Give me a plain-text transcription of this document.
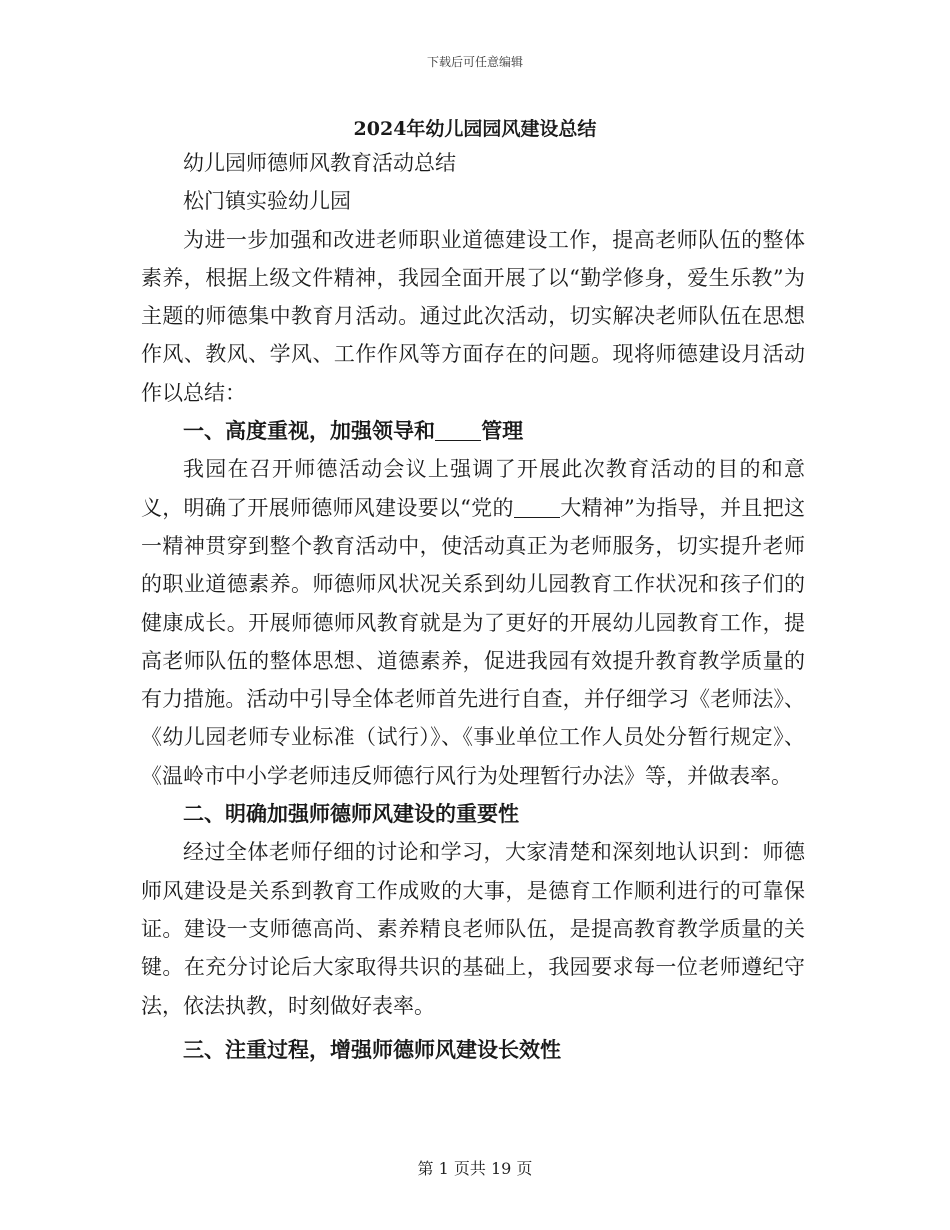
下载后可任意编辑
2024年幼儿园园风建设总结

幼儿园师德师风教育活动总结

松门镇实验幼儿园

为进一步加强和改进老师职业道德建设工作，提高老师队伍的整体素养，根据上级文件精神，我园全面开展了以“勤学修身，爱生乐教”为主题的师德集中教育月活动。通过此次活动，切实解决老师队伍在思想作风、教风、学风、工作作风等方面存在的问题。现将师德建设月活动作以总结：

一、高度重视，加强领导和 管理

我园在召开师德活动会议上强调了开展此次教育活动的目的和意义，明确了开展师德师风建设要以“党的 大精神”为指导，并且把这一精神贯穿到整个教育活动中，使活动真正为老师服务，切实提升老师的职业道德素养。师德师风状况关系到幼儿园教育工作状况和孩子们的健康成长。开展师德师风教育就是为了更好的开展幼儿园教育工作，提高老师队伍的整体思想、道德素养，促进我园有效提升教育教学质量的有力措施。活动中引导全体老师首先进行自查，并仔细学习《老师法》、《幼儿园老师专业标准（试行）》、《事业单位工作人员处分暂行规定》、《温岭市中小学老师违反师德行风行为处理暂行办法》等，并做表率。

二、明确加强师德师风建设的重要性

经过全体老师仔细的讨论和学习，大家清楚和深刻地认识到：师德师风建设是关系到教育工作成败的大事，是德育工作顺利进行的可靠保证。建设一支师德高尚、素养精良老师队伍，是提高教育教学质量的关键。在充分讨论后大家取得共识的基础上，我园要求每一位老师遵纪守法，依法执教，时刻做好表率。

三、注重过程，增强师德师风建设长效性

第 1 页共 19 页
